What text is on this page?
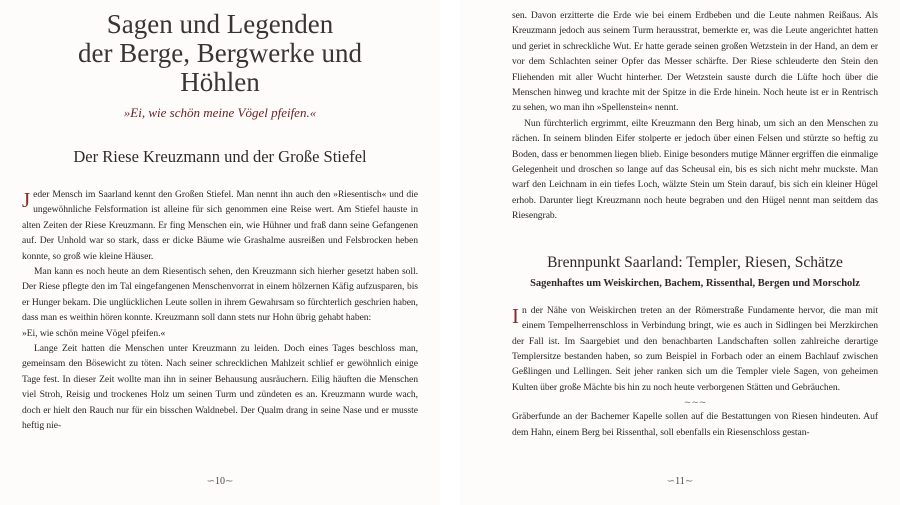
Sagen und Legenden
der Berge, Bergwerke und
Höhlen
»Ei, wie schön meine Vögel pfeifen.«
Der Riese Kreuzmann und der Große Stiefel

Jeder Mensch im Saarland kennt den Großen Stiefel. Man nennt ihn auch den »Riesentisch« und die ungewöhnliche Felsformation ist alleine für sich genommen eine Reise wert. Am Stiefel hauste in alten Zeiten der Riese Kreuzmann. Er fing Menschen ein, wie Hühner und fraß dann seine Gefangenen auf. Der Unhold war so stark, dass er dicke Bäume wie Grashalme ausreißen und Felsbrocken heben konnte, so groß wie kleine Häuser.

Man kann es noch heute an dem Riesentisch sehen, den Kreuzmann sich hierher gesetzt haben soll. Der Riese pflegte den im Tal eingefangenen Menschenvorrat in einem hölzernen Käfig aufzusparen, bis er Hunger bekam. Die unglücklichen Leute sollen in ihrem Gewahrsam so fürchterlich geschrien haben, dass man es weithin hören konnte. Kreuzmann soll dann stets nur Hohn übrig gehabt haben:

»Ei, wie schön meine Vögel pfeifen.«

Lange Zeit hatten die Menschen unter Kreuzmann zu leiden. Doch eines Tages beschloss man, gemeinsam den Bösewicht zu töten. Nach seiner schrecklichen Mahlzeit schlief er gewöhnlich einige Tage fest. In dieser Zeit wollte man ihn in seiner Behausung ausräuchern. Eilig häuften die Menschen viel Stroh, Reisig und trockenes Holz um seinen Turm und zündeten es an. Kreuzmann wurde wach, doch er hielt den Rauch nur für ein bisschen Waldnebel. Der Qualm drang in seine Nase und er musste heftig nie-

∽10∼

sen. Davon erzitterte die Erde wie bei einem Erdbeben und die Leute nahmen Reißaus. Als Kreuzmann jedoch aus seinem Turm herausstrat, bemerkte er, was die Leute angerichtet hatten und geriet in schreckliche Wut. Er hatte gerade seinen großen Wetzstein in der Hand, an dem er vor dem Schlachten seiner Opfer das Messer schärfte. Der Riese schleuderte den Stein den Fliehenden mit aller Wucht hinterher. Der Wetzstein sauste durch die Lüfte hoch über die Menschen hinweg und krachte mit der Spitze in die Erde hinein. Noch heute ist er in Rentrisch zu sehen, wo man ihn »Spellenstein« nennt.

Nun fürchterlich ergrimmt, eilte Kreuzmann den Berg hinab, um sich an den Menschen zu rächen. In seinem blinden Eifer stolperte er jedoch über einen Felsen und stürzte so heftig zu Boden, dass er benommen liegen blieb. Einige besonders mutige Männer ergriffen die einmalige Gelegenheit und droschen so lange auf das Scheusal ein, bis es sich nicht mehr muckste. Man warf den Leichnam in ein tiefes Loch, wälzte Stein um Stein darauf, bis sich ein kleiner Hügel erhob. Darunter liegt Kreuzmann noch heute begraben und den Hügel nennt man seitdem das Riesengrab.

Brennpunkt Saarland: Templer, Riesen, Schätze
Sagenhaftes um Weiskirchen, Bachem, Rissenthal, Bergen und Morscholz

In der Nähe von Weiskirchen treten an der Römerstraße Fundamente hervor, die man mit einem Tempelherrenschloss in Verbindung bringt, wie es auch in Sidlingen bei Merzkirchen der Fall ist. Im Saargebiet und den benachbarten Landschaften sollen zahlreiche derartige Templersitze bestanden haben, so zum Beispiel in Forbach oder an einem Bachlauf zwischen Geßlingen und Lellingen. Seit jeher ranken sich um die Templer viele Sagen, von geheimen Kulten über große Mächte bis hin zu noch heute verborgenen Stätten und Gebräuchen.

~~~

Gräberfunde an der Bachemer Kapelle sollen auf die Bestattungen von Riesen hindeuten. Auf dem Hahn, einem Berg bei Rissenthal, soll ebenfalls ein Riesenschloss gestan-

∽11∼
